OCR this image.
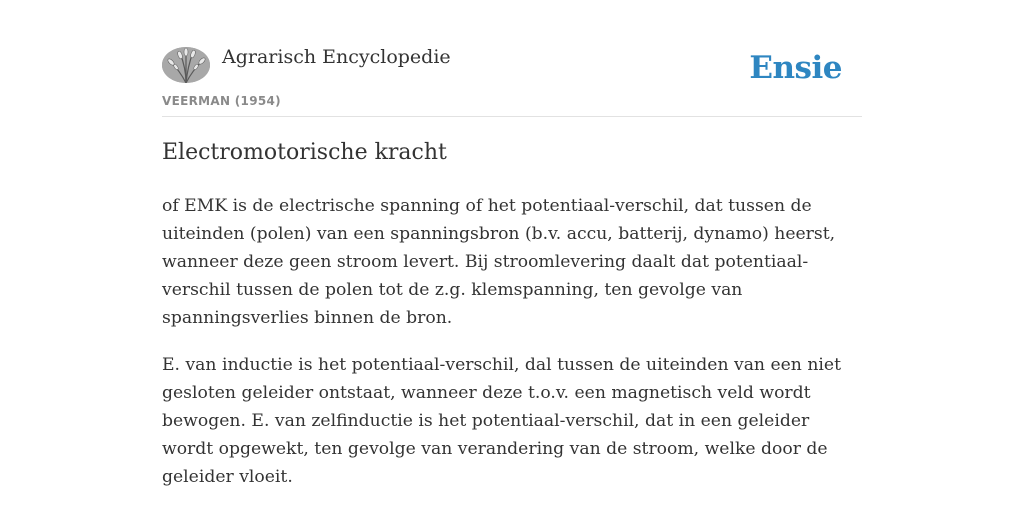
Agrarisch Encyclopedie
VEERMAN (1954)
Ensie
Electromotorische kracht

of EMK is de electrische spanning of het potentiaal-verschil, dat tussen de uiteinden (polen) van een spanningsbron (b.v. accu, batterij, dynamo) heerst, wanneer deze geen stroom levert. Bij stroomlevering daalt dat potentiaal-verschil tussen de polen tot de z.g. klemspanning, ten gevolge van spanningsverlies binnen de bron.

E. van inductie is het potentiaal-verschil, dal tussen de uiteinden van een niet gesloten geleider ontstaat, wanneer deze t.o.v. een magnetisch veld wordt bewogen. E. van zelfinductie is het potentiaal-verschil, dat in een geleider wordt opgewekt, ten gevolge van verandering van de stroom, welke door de geleider vloeit.
